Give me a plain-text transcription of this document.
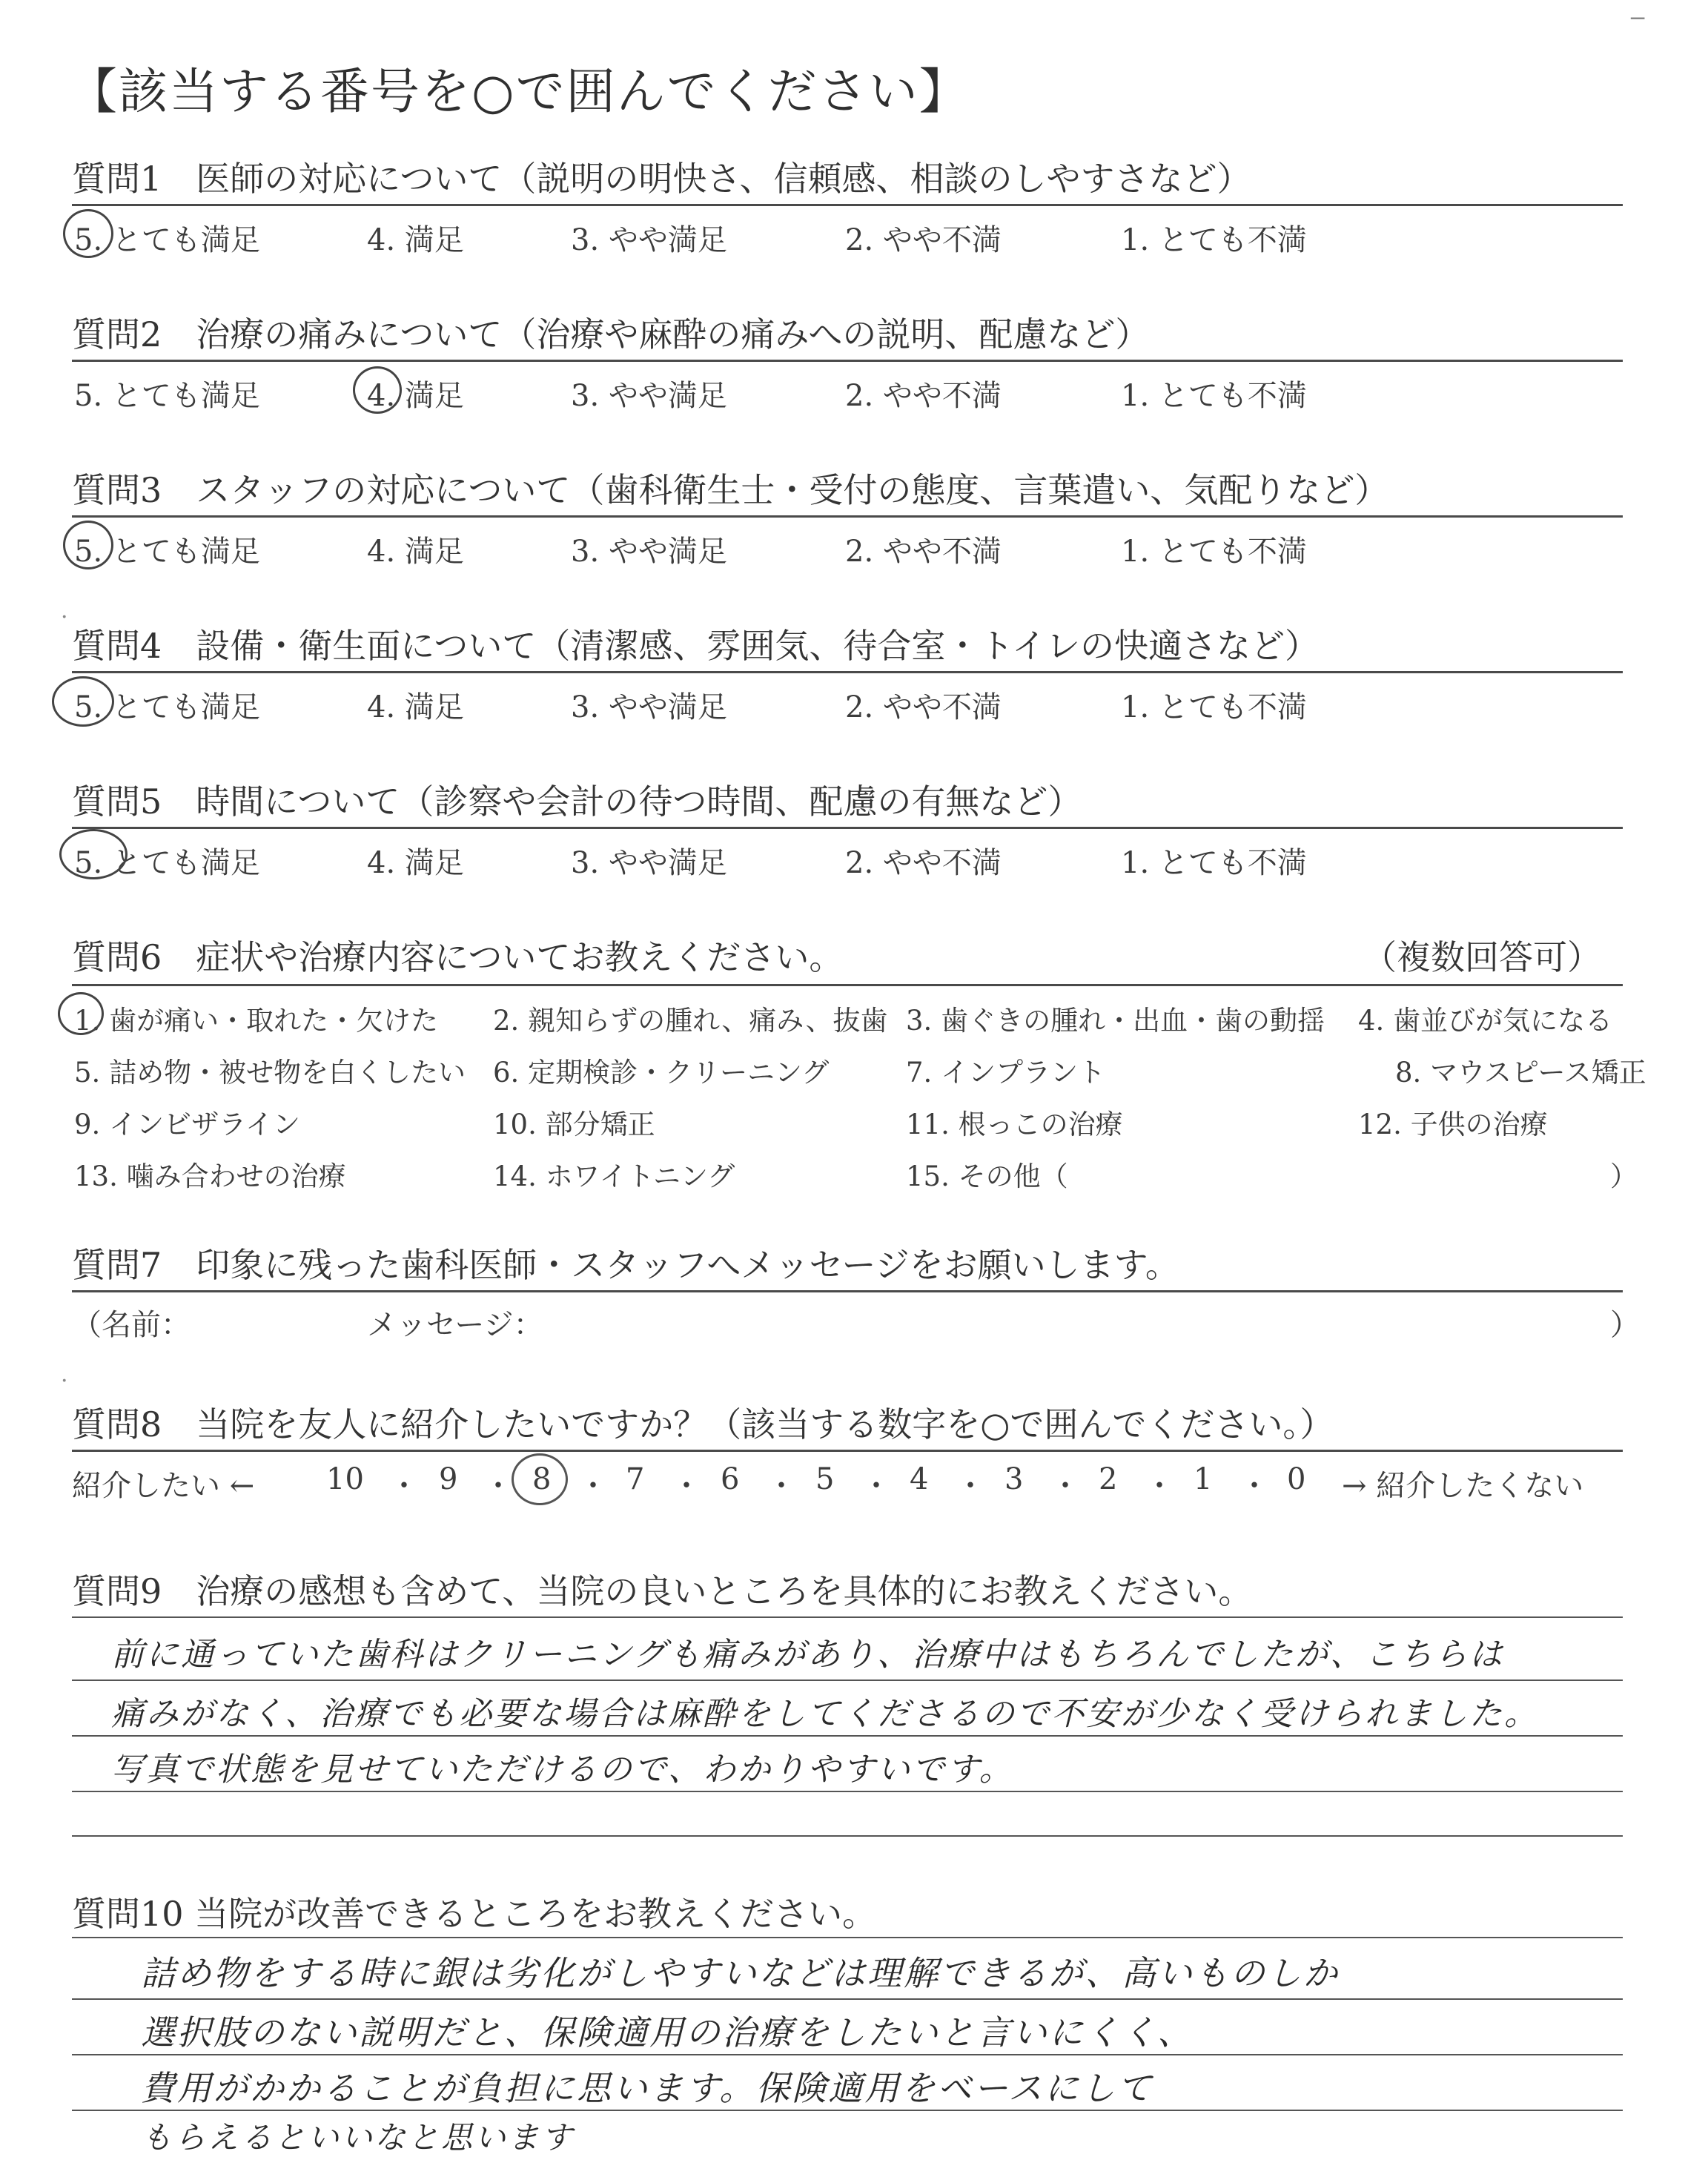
─
·
·
【該当する番号を○で囲んでください】
質問1　医師の対応について（説明の明快さ、信頼感、相談のしやすさなど）
5. とても満足	4. 満足	3. やや満足	2. やや不満	1. とても不満
質問2　治療の痛みについて（治療や麻酔の痛みへの説明、配慮など）
5. とても満足	4. 満足	3. やや満足	2. やや不満	1. とても不満
質問3　スタッフの対応について（歯科衛生士・受付の態度、言葉遣い、気配りなど）
5. とても満足	4. 満足	3. やや満足	2. やや不満	1. とても不満
質問4　設備・衛生面について（清潔感、雰囲気、待合室・トイレの快適さなど）
5. とても満足	4. 満足	3. やや満足	2. やや不満	1. とても不満
質問5　時間について（診察や会計の待つ時間、配慮の有無など）
5. とても満足	4. 満足	3. やや満足	2. やや不満	1. とても不満
質問6　症状や治療内容についてお教えください。	（複数回答可）
1. 歯が痛い・取れた・欠けた 2. 親知らずの腫れ、痛み、抜歯 3. 歯ぐきの腫れ・出血・歯の動揺 4. 歯並びが気になる
5. 詰め物・被せ物を白くしたい 6. 定期検診・クリーニング	7. インプラント	8. マウスピース矯正
9. インビザライン	10. 部分矯正	11. 根っこの治療	12. 子供の治療
13. 噛み合わせの治療	14. ホワイトニング	15. その他（	）
質問7　印象に残った歯科医師・スタッフへメッセージをお願いします。
（名前：	メッセージ：	）
質問8　当院を友人に紹介したいですか？（該当する数字を○で囲んでください。）
紹介したい ← 10 ・ 9 ・ 8 ・ 7 ・ 6 ・ 5 ・ 4 ・ 3 ・ 2 ・ 1 ・ 0 → 紹介したくない
質問9　治療の感想も含めて、当院の良いところを具体的にお教えください。
前に通っていた歯科はクリーニングも痛みがあり、治療中はもちろんでしたが、こちらは
痛みがなく、治療でも必要な場合は麻酔をしてくださるので不安が少なく受けられました。
写真で状態を見せていただけるので、わかりやすいです。
質問10 当院が改善できるところをお教えください。
詰め物をする時に銀は劣化がしやすいなどは理解できるが、高いものしか
選択肢のない説明だと、保険適用の治療をしたいと言いにくく、
費用がかかることが負担に思います。保険適用をベースにして
もらえるといいなと思います
